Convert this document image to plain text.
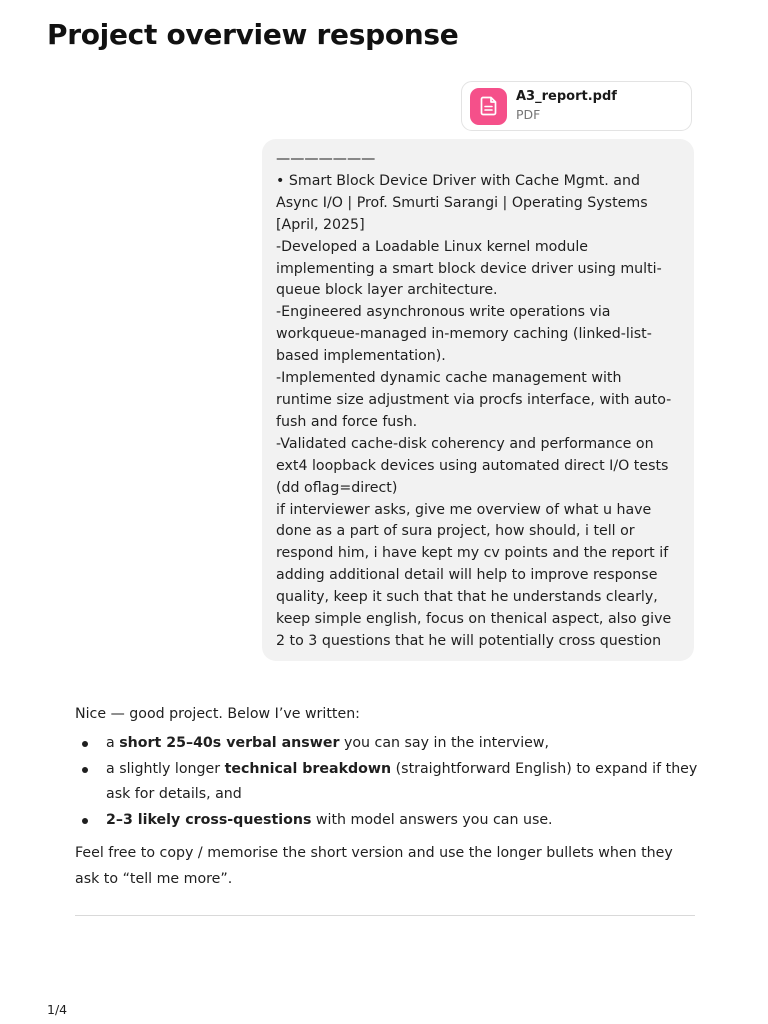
Project overview response
A3_report.pdf
PDF
———————
• Smart Block Device Driver with Cache Mgmt. and
Async I/O | Prof. Smurti Sarangi | Operating Systems
[April, 2025]
-Developed a Loadable Linux kernel module
implementing a smart block device driver using multi-
queue block layer architecture.
-Engineered asynchronous write operations via
workqueue-managed in-memory caching (linked-list-
based implementation).
-Implemented dynamic cache management with
runtime size adjustment via procfs interface, with auto-
fush and force fush.
-Validated cache-disk coherency and performance on
ext4 loopback devices using automated direct I/O tests
(dd oflag=direct)
if interviewer asks, give me overview of what u have
done as a part of sura project, how should, i tell or
respond him, i have kept my cv points and the report if
adding additional detail will help to improve response
quality, keep it such that that he understands clearly,
keep simple english, focus on thenical aspect, also give
2 to 3 questions that he will potentially cross question
Nice — good project. Below I’ve written:
a short 25–40s verbal answer you can say in the interview,
a slightly longer technical breakdown (straightforward English) to expand if they
ask for details, and
2–3 likely cross-questions with model answers you can use.
Feel free to copy / memorise the short version and use the longer bullets when they
ask to “tell me more”.
1/4
